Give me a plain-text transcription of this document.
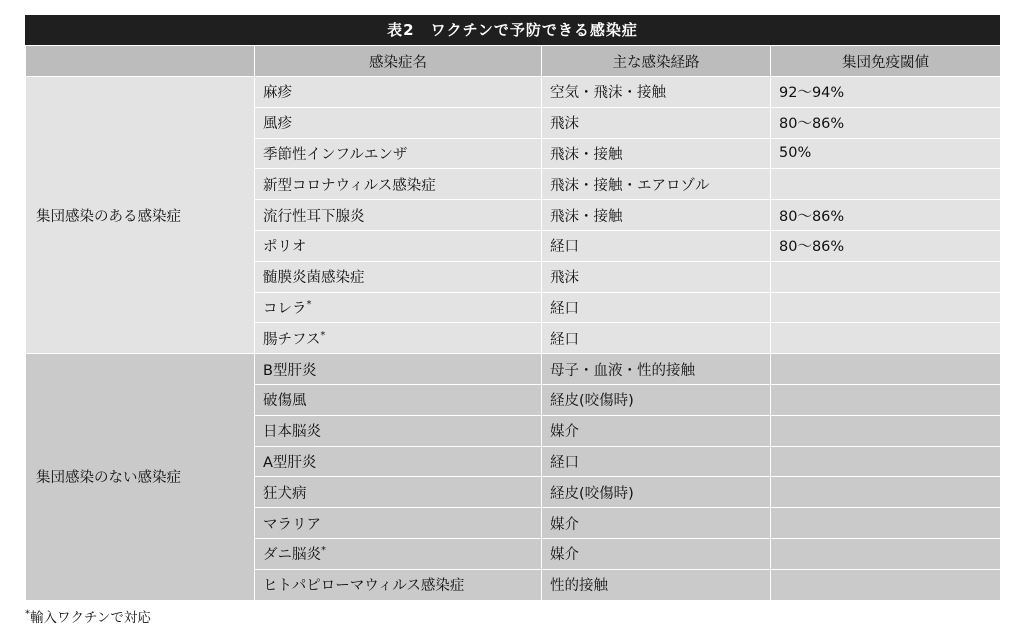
表2　ワクチンで予防できる感染症
	感染症名	主な感染経路	集団免疫閾値
集団感染のある感染症	麻疹	空気・飛沫・接触	92〜94%
	風疹	飛沫	80〜86%
	季節性インフルエンザ	飛沫・接触	50%
	新型コロナウィルス感染症	飛沫・接触・エアロゾル	
	流行性耳下腺炎	飛沫・接触	80〜86%
	ポリオ	経口	80〜86%
	髄膜炎菌感染症	飛沫	
	コレラ*	経口	
	腸チフス*	経口	
集団感染のない感染症	B型肝炎	母子・血液・性的接触	
	破傷風	経皮(咬傷時)	
	日本脳炎	媒介	
	A型肝炎	経口	
	狂犬病	経皮(咬傷時)	
	マラリア	媒介	
	ダニ脳炎*	媒介	
	ヒトパピローマウィルス感染症	性的接触	
*輸入ワクチンで対応
